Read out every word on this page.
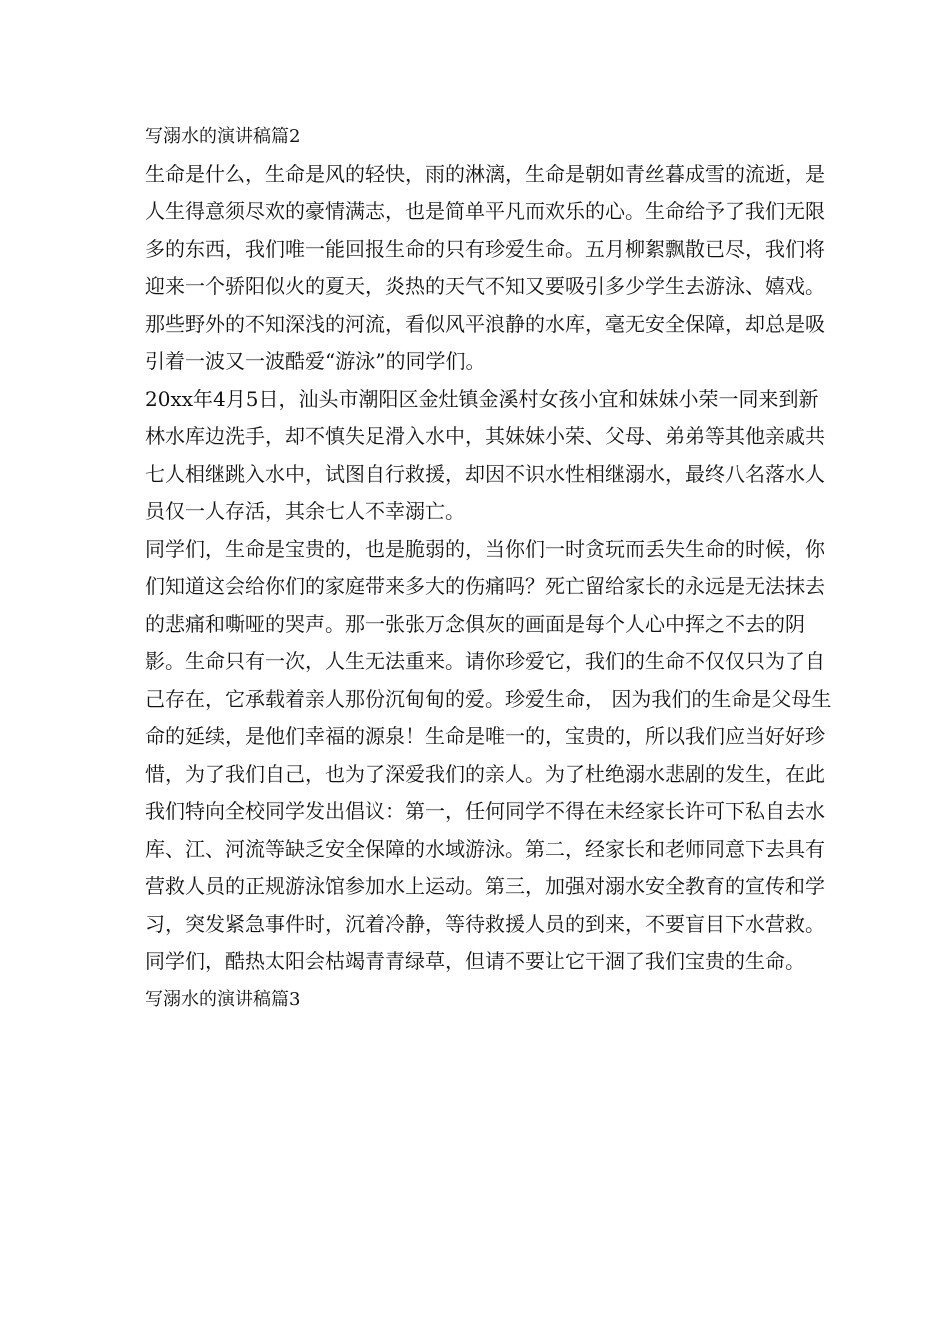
写溺水的演讲稿篇2

生命是什么，生命是风的轻快，雨的淋漓，生命是朝如青丝暮成雪的流逝，是人生得意须尽欢的豪情满志，也是简单平凡而欢乐的心。生命给予了我们无限多的东西，我们唯一能回报生命的只有珍爱生命。五月柳絮飘散已尽，我们将迎来一个骄阳似火的夏天，炎热的天气不知又要吸引多少学生去游泳、嬉戏。那些野外的不知深浅的河流，看似风平浪静的水库，毫无安全保障，却总是吸引着一波又一波酷爱“游泳”的同学们。

20xx年4月5日，汕头市潮阳区金灶镇金溪村女孩小宜和妹妹小荣一同来到新林水库边洗手，却不慎失足滑入水中，其妹妹小荣、父母、弟弟等其他亲戚共七人相继跳入水中，试图自行救援，却因不识水性相继溺水，最终八名落水人员仅一人存活，其余七人不幸溺亡。

同学们，生命是宝贵的，也是脆弱的，当你们一时贪玩而丢失生命的时候，你们知道这会给你们的家庭带来多大的伤痛吗？死亡留给家长的永远是无法抹去的悲痛和嘶哑的哭声。那一张张万念俱灰的画面是每个人心中挥之不去的阴影。生命只有一次，人生无法重来。请你珍爱它，我们的生命不仅仅只为了自己存在，它承载着亲人那份沉甸甸的爱。珍爱生命， 因为我们的生命是父母生命的延续，是他们幸福的源泉！生命是唯一的，宝贵的，所以我们应当好好珍惜，为了我们自己，也为了深爱我们的亲人。为了杜绝溺水悲剧的发生，在此我们特向全校同学发出倡议：第一，任何同学不得在未经家长许可下私自去水库、江、河流等缺乏安全保障的水域游泳。第二，经家长和老师同意下去具有营救人员的正规游泳馆参加水上运动。第三，加强对溺水安全教育的宣传和学习，突发紧急事件时，沉着冷静，等待救援人员的到来，不要盲目下水营救。

同学们，酷热太阳会枯竭青青绿草，但请不要让它干涸了我们宝贵的生命。

写溺水的演讲稿篇3
